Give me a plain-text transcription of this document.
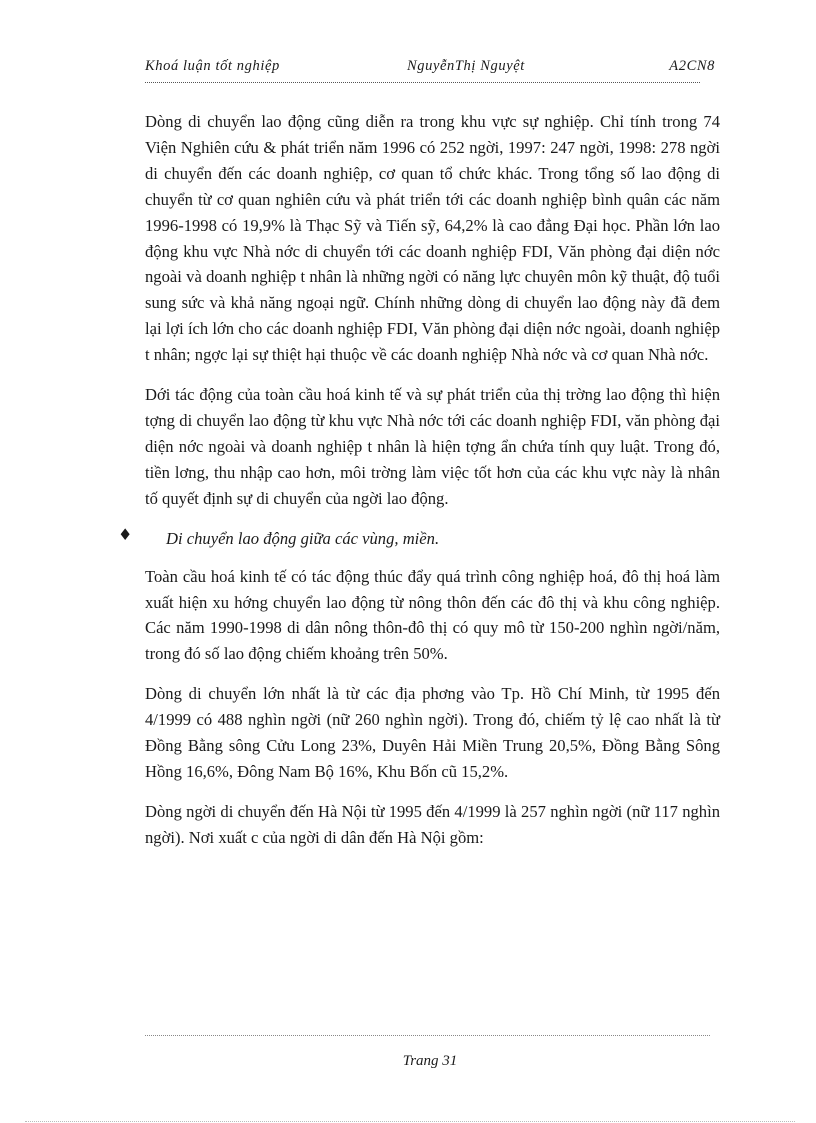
Khoá luận tốt nghiệp	NguyễnThị Nguyệt	A2CN8

Dòng di chuyển lao động cũng diễn ra trong khu vực sự nghiệp. Chỉ tính trong 74 Viện Nghiên cứu & phát triển năm 1996 có 252 ngời, 1997: 247 ngời, 1998: 278 ngời di chuyển đến các doanh nghiệp, cơ quan tổ chức khác. Trong tổng số lao động di chuyển từ cơ quan nghiên cứu và phát triển tới các doanh nghiệp bình quân các năm 1996-1998 có 19,9% là Thạc Sỹ và Tiến sỹ, 64,2% là cao đẳng Đại học. Phần lớn lao động khu vực Nhà nớc di chuyển tới các doanh nghiệp FDI, Văn phòng đại diện nớc ngoài và doanh nghiệp t nhân là những ngời có năng lực chuyên môn kỹ thuật, độ tuổi sung sức và khả năng ngoại ngữ. Chính những dòng di chuyển lao động này đã đem lại lợi ích lớn cho các doanh nghiệp FDI, Văn phòng đại diện nớc ngoài, doanh nghiệp t nhân; ngợc lại sự thiệt hại thuộc về các doanh nghiệp Nhà nớc và cơ quan Nhà nớc.

Dới tác động của toàn cầu hoá kinh tế và sự phát triển của thị trờng lao động thì hiện tợng di chuyển lao động từ khu vực Nhà nớc tới các doanh nghiệp FDI, văn phòng đại diện nớc ngoài và doanh nghiệp t nhân là hiện tợng ẩn chứa tính quy luật. Trong đó, tiền lơng, thu nhập cao hơn, môi trờng làm việc tốt hơn của các khu vực này là nhân tố quyết định sự di chuyển của ngời lao động.

♦ Di chuyển lao động giữa các vùng, miền.

Toàn cầu hoá kinh tế có tác động thúc đẩy quá trình công nghiệp hoá, đô thị hoá làm xuất hiện xu hớng chuyển lao động từ nông thôn đến các đô thị và khu công nghiệp. Các năm 1990-1998 di dân nông thôn-đô thị có quy mô từ 150-200 nghìn ngời/năm, trong đó số lao động chiếm khoảng trên 50%.

Dòng di chuyển lớn nhất là từ các địa phơng vào Tp. Hồ Chí Minh, từ 1995 đến 4/1999 có 488 nghìn ngời (nữ 260 nghìn ngời). Trong đó, chiếm tỷ lệ cao nhất là từ Đồng Bằng sông Cửu Long 23%, Duyên Hải Miền Trung 20,5%, Đồng Bằng Sông Hồng 16,6%, Đông Nam Bộ 16%, Khu Bốn cũ 15,2%.

Dòng ngời di chuyển đến Hà Nội từ 1995 đến 4/1999 là 257 nghìn ngời (nữ 117 nghìn ngời). Nơi xuất c của ngời di dân đến Hà Nội gồm:

Trang 31
